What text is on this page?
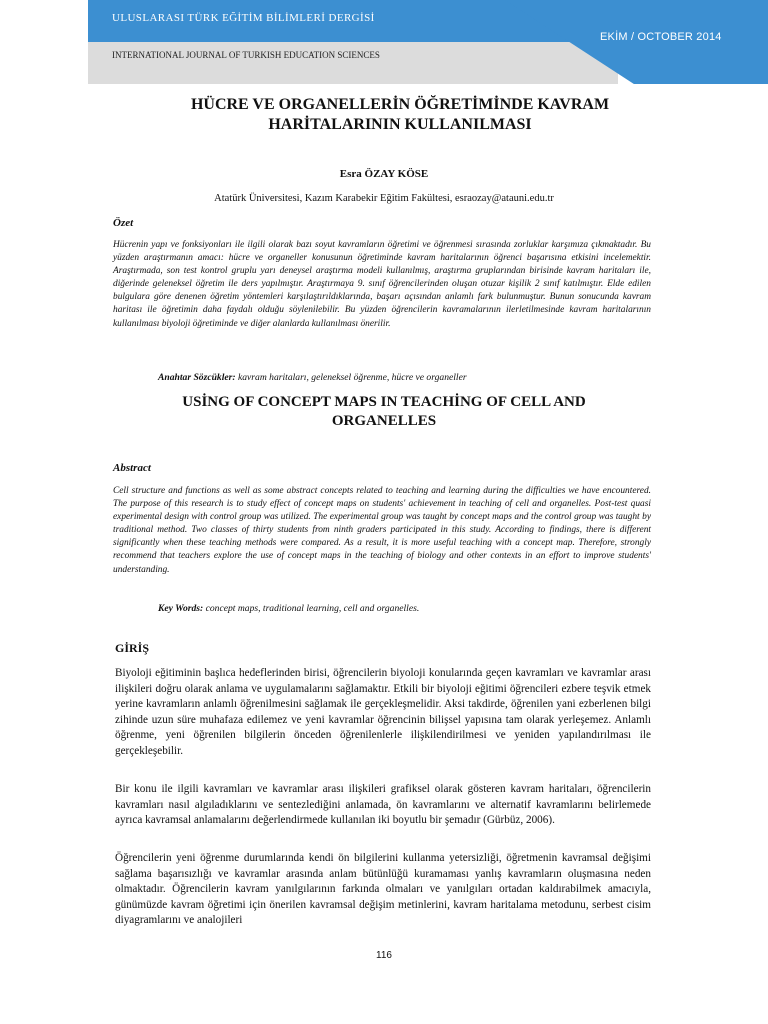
ULUSLARASI TÜRK EĞİTİM BİLİMLERİ DERGİSİ
INTERNATIONAL JOURNAL OF TURKISH EDUCATION SCIENCES
EKİM / OCTOBER 2014
HÜCRE VE ORGANELLERİN ÖĞRETİMİNDE KAVRAM HARİTALARININ KULLANILMASI
Esra ÖZAY KÖSE
Atatürk Üniversitesi, Kazım Karabekir Eğitim Fakültesi, esraozay@atauni.edu.tr
Özet
Hücrenin yapı ve fonksiyonları ile ilgili olarak bazı soyut kavramların öğretimi ve öğrenmesi sırasında zorluklar karşımıza çıkmaktadır. Bu yüzden araştırmanın amacı: hücre ve organeller konusunun öğretiminde kavram haritalarının öğrenci başarısına etkisini incelemektir. Araştırmada, son test kontrol gruplu yarı deneysel araştırma modeli kullanılmış, araştırma gruplarından birisinde kavram haritaları ile, diğerinde geleneksel öğretim ile ders yapılmıştır. Araştırmaya 9. sınıf öğrencilerinden oluşan otuzar kişilik 2 sınıf katılmıştır. Elde edilen bulgulara göre denenen öğretim yöntemleri karşılaştırıldıklarında, başarı açısından anlamlı fark bulunmuştur. Bunun sonucunda kavram haritası ile öğretimin daha faydalı olduğu söylenilebilir. Bu yüzden öğrencilerin kavramalarının ilerletilmesinde kavram haritalarının kullanılması biyoloji öğretiminde ve diğer alanlarda kullanılması önerilir.
Anahtar Sözcükler: kavram haritaları, geleneksel öğrenme, hücre ve organeller
USİNG OF CONCEPT MAPS IN TEACHİNG OF CELL AND ORGANELLES
Abstract
Cell structure and functions as well as some abstract concepts related to teaching and learning during the difficulties we have encountered. The purpose of this research is to study effect of concept maps on students' achievement in teaching of cell and organelles. Post-test quasi experimental design with control group was utilized. The experimental group was taught by concept maps and the control group was taught by traditional method. Two classes of thirty students from ninth graders participated in this study. According to findings, there is different significantly when these teaching methods were compared. As a result, it is more useful teaching with a concept map. Therefore, strongly recommend that teachers explore the use of concept maps in the teaching of biology and other contexts in an effort to improve students' understanding.
Key Words: concept maps, traditional learning, cell and organelles.
GİRİŞ
Biyoloji eğitiminin başlıca hedeflerinden birisi, öğrencilerin biyoloji konularında geçen kavramları ve kavramlar arası ilişkileri doğru olarak anlama ve uygulamalarını sağlamaktır. Etkili bir biyoloji eğitimi öğrencileri ezbere teşvik etmek yerine kavramların anlamlı öğrenilmesini sağlamak ile gerçekleşmelidir. Aksi takdirde, öğrenilen yani ezberlenen bilgi zihinde uzun süre muhafaza edilemez ve yeni kavramlar öğrencinin bilişsel yapısına tam olarak yerleşemez. Anlamlı öğrenme, yeni öğrenilen bilgilerin önceden öğrenilenlerle ilişkilendirilmesi ve yeniden yapılandırılması ile gerçekleşebilir.
Bir konu ile ilgili kavramları ve kavramlar arası ilişkileri grafiksel olarak gösteren kavram haritaları, öğrencilerin kavramları nasıl algıladıklarını ve sentezlediğini anlamada, ön kavramlarını ve alternatif kavramlarını belirlemede ayrıca kavramsal anlamalarını değerlendirmede kullanılan iki boyutlu bir şemadır (Gürbüz, 2006).
Öğrencilerin yeni öğrenme durumlarında kendi ön bilgilerini kullanma yetersizliği, öğretmenin kavramsal değişimi sağlama başarısızlığı ve kavramlar arasında anlam bütünlüğü kuramaması yanlış kavramların oluşmasına neden olmaktadır. Öğrencilerin kavram yanılgılarının farkında olmaları ve yanılgıları ortadan kaldırabilmek amacıyla, günümüzde kavram öğretimi için önerilen kavramsal değişim metinlerini, kavram haritalama metodunu, serbest cisim diyagramlarını ve analojileri
116
